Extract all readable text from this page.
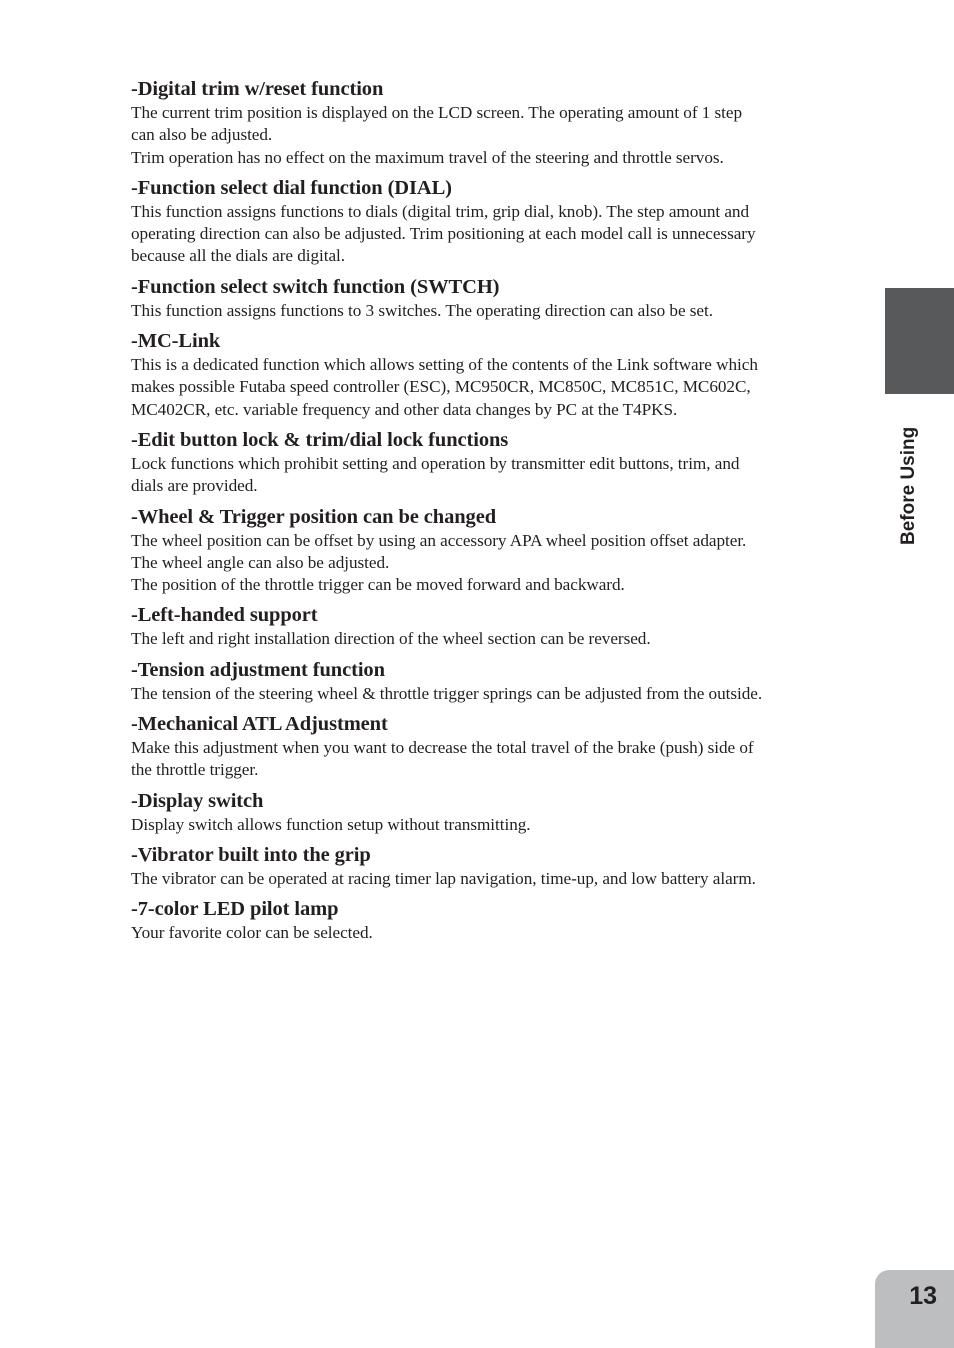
-Digital trim w/reset function

The current trim position is displayed on the LCD screen. The operating amount of 1 step

can also be adjusted.

Trim operation has no effect on the maximum travel of the steering and throttle servos.

-Function select dial function (DIAL)

This function assigns functions to dials (digital trim, grip dial, knob). The step amount and

operating direction can also be adjusted. Trim positioning at each model call is unnecessary

because all the dials are digital.

-Function select switch function (SWTCH)

This function assigns functions to 3 switches. The operating direction can also be set.

-MC-Link

This is a dedicated function which allows setting of the contents of the Link software which

makes possible Futaba speed controller (ESC), MC950CR, MC850C, MC851C, MC602C,

MC402CR, etc. variable frequency and other data changes by PC at the T4PKS.

-Edit button lock & trim/dial lock functions

Lock functions which prohibit setting and operation by transmitter edit buttons, trim, and

dials are provided.

-Wheel & Trigger position can be changed

The wheel position can be offset by using an accessory APA wheel position offset adapter.

The wheel angle can also be adjusted.

The position of the throttle trigger can be moved forward and backward.

-Left-handed support

The left and right installation direction of the wheel section can be reversed.

-Tension adjustment function

The tension of the steering wheel & throttle trigger springs can be adjusted from the outside.

-Mechanical ATL Adjustment

Make this adjustment when you want to decrease the total travel of the brake (push) side of

the throttle trigger.

-Display switch

Display switch allows function setup without transmitting.

-Vibrator built into the grip

The vibrator can be operated at racing timer lap navigation, time-up, and low battery alarm.

-7-color LED pilot lamp

Your favorite color can be selected.

Before Using
13
